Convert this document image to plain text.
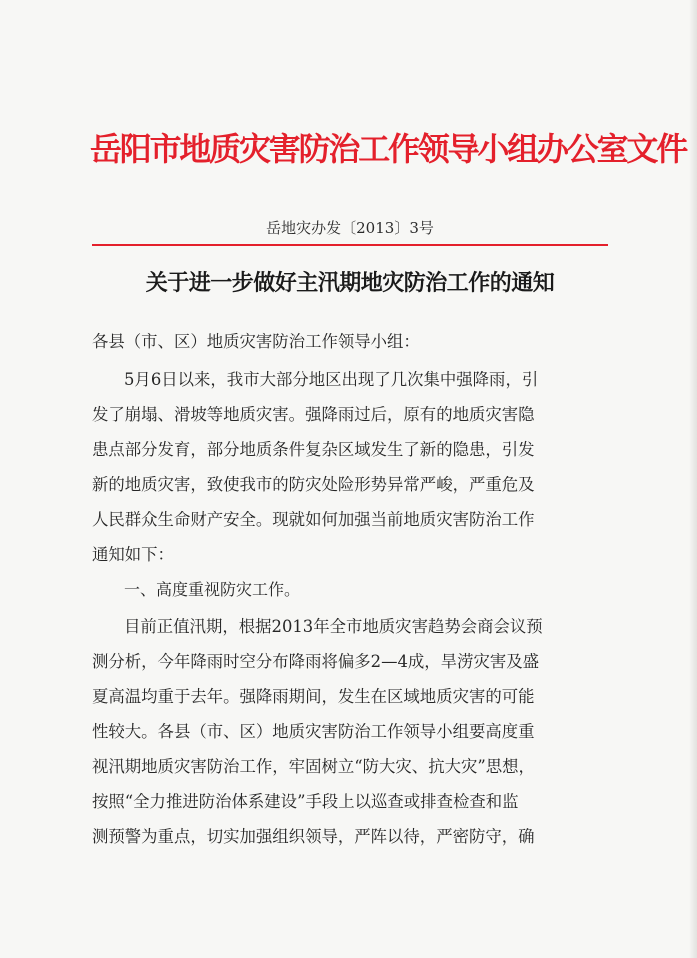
岳阳市地质灾害防治工作领导小组办公室文件
岳地灾办发〔2013〕3号
关于进一步做好主汛期地灾防治工作的通知
各县（市、区）地质灾害防治工作领导小组：
5月6日以来，我市大部分地区出现了几次集中强降雨，引
发了崩塌、滑坡等地质灾害。强降雨过后，原有的地质灾害隐
患点部分发育，部分地质条件复杂区域发生了新的隐患，引发
新的地质灾害，致使我市的防灾处险形势异常严峻，严重危及
人民群众生命财产安全。现就如何加强当前地质灾害防治工作
通知如下：
一、高度重视防灾工作。
目前正值汛期，根据2013年全市地质灾害趋势会商会议预
测分析，今年降雨时空分布降雨将偏多2—4成，旱涝灾害及盛
夏高温均重于去年。强降雨期间，发生在区域地质灾害的可能
性较大。各县（市、区）地质灾害防治工作领导小组要高度重
视汛期地质灾害防治工作，牢固树立“防大灾、抗大灾”思想，
按照“全力推进防治体系建设”手段上以巡查或排查检查和监
测预警为重点，切实加强组织领导，严阵以待，严密防守，确
